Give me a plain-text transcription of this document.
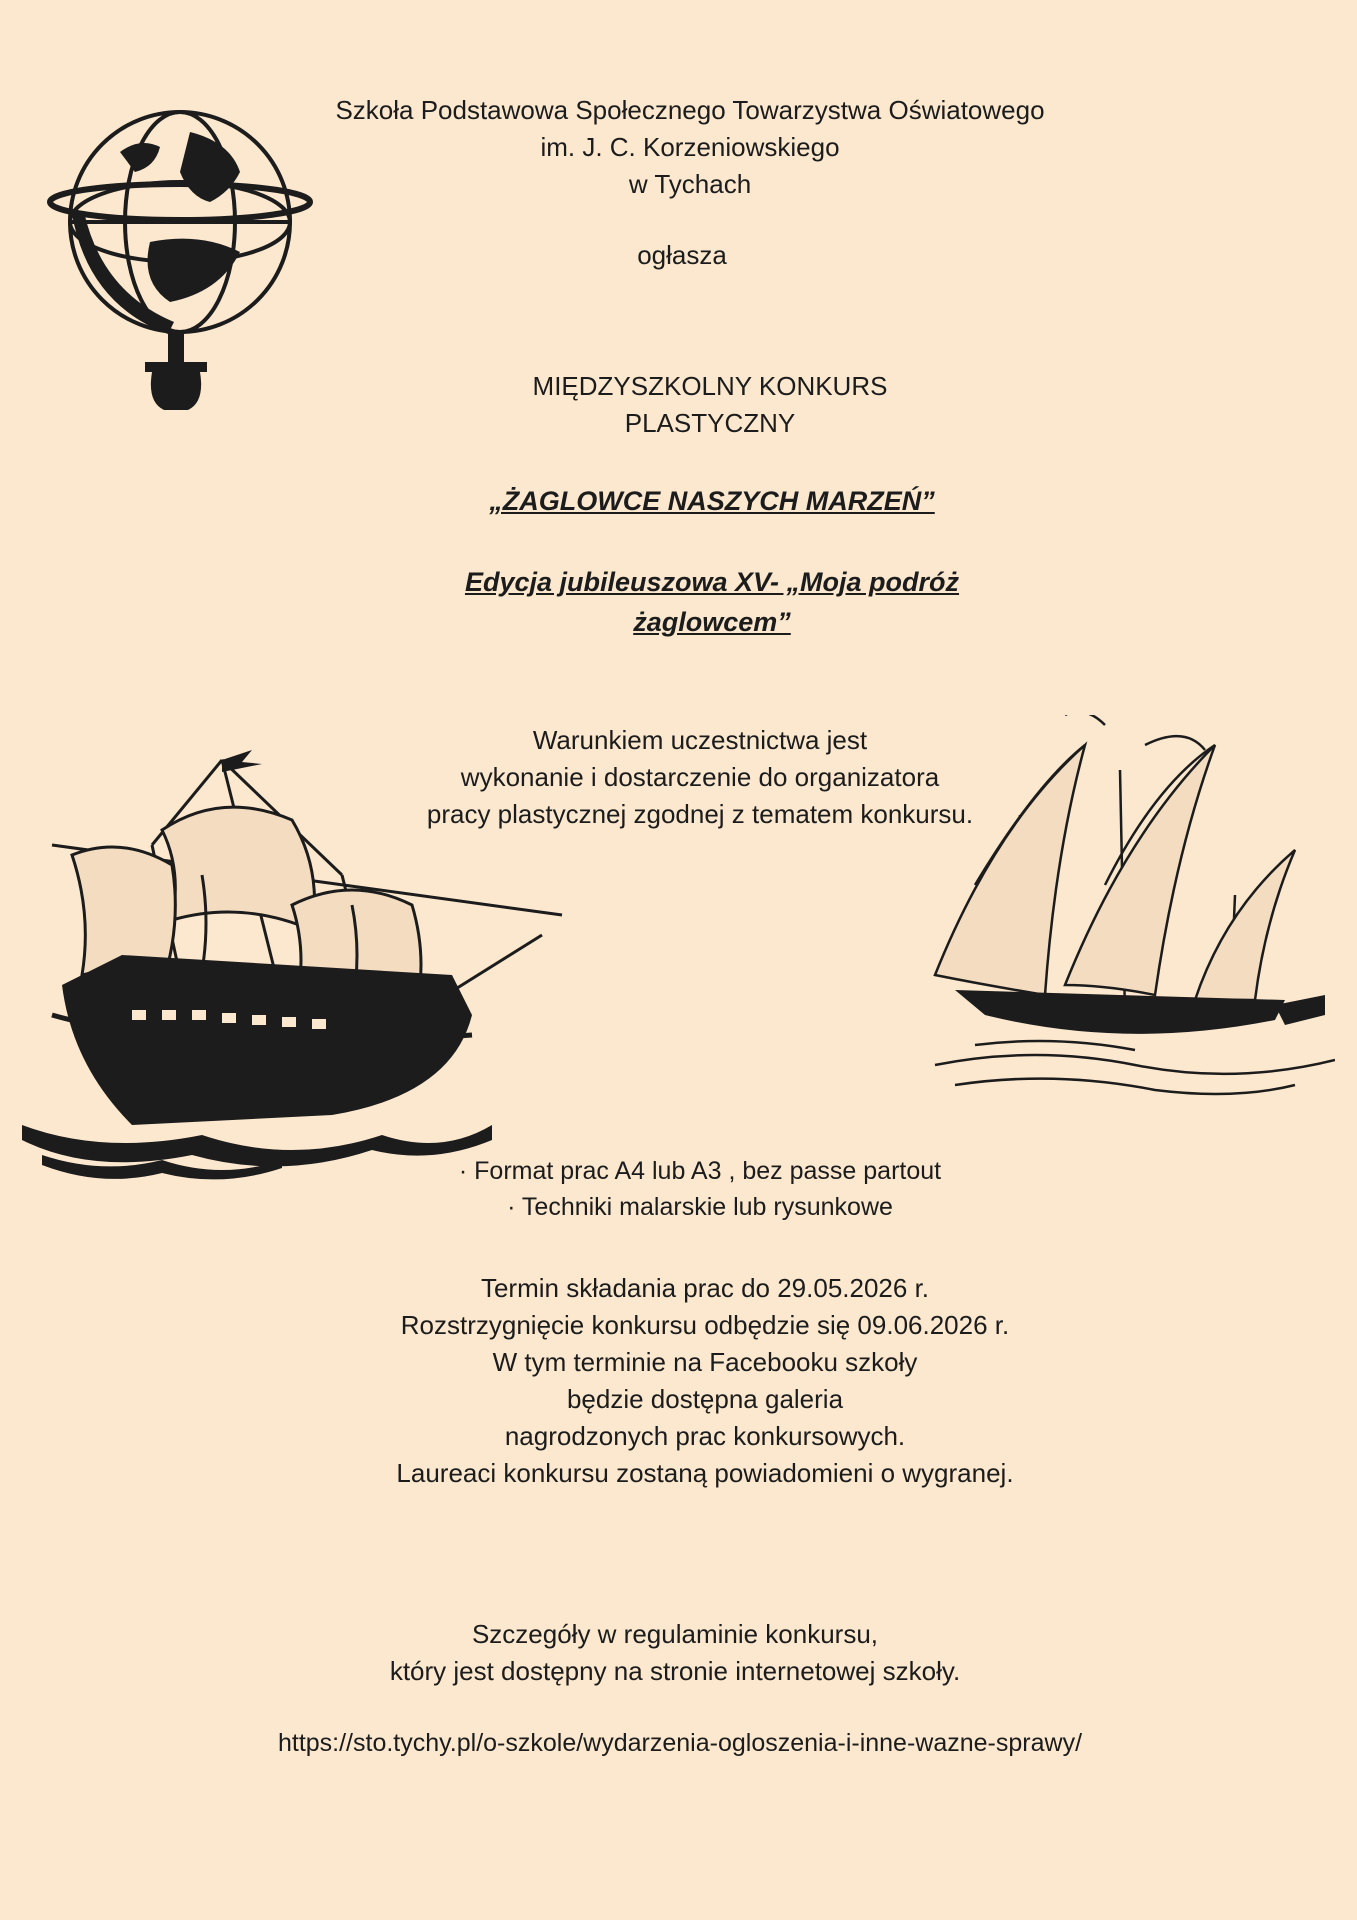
Szkoła Podstawowa Społecznego Towarzystwa Oświatowego
im. J. C. Korzeniowskiego
w Tychach
ogłasza
MIĘDZYSZKOLNY KONKURS
PLASTYCZNY
„ŻAGLOWCE NASZYCH MARZEŃ”
Edycja jubileuszowa XV- „Moja podróż
żaglowcem”
Warunkiem uczestnictwa jest
wykonanie i dostarczenie do organizatora
pracy plastycznej zgodnej z tematem konkursu.
· Format prac A4 lub A3 , bez passe partout
· Techniki malarskie lub rysunkowe
Termin składania prac do 29.05.2026 r.
Rozstrzygnięcie konkursu odbędzie się 09.06.2026 r.
W tym terminie na Facebooku szkoły
będzie dostępna galeria
nagrodzonych prac konkursowych.
Laureaci konkursu zostaną powiadomieni o wygranej.
Szczegóły w regulaminie konkursu,
który jest dostępny na stronie internetowej szkoły.
https://sto.tychy.pl/o-szkole/wydarzenia-ogloszenia-i-inne-wazne-sprawy/
